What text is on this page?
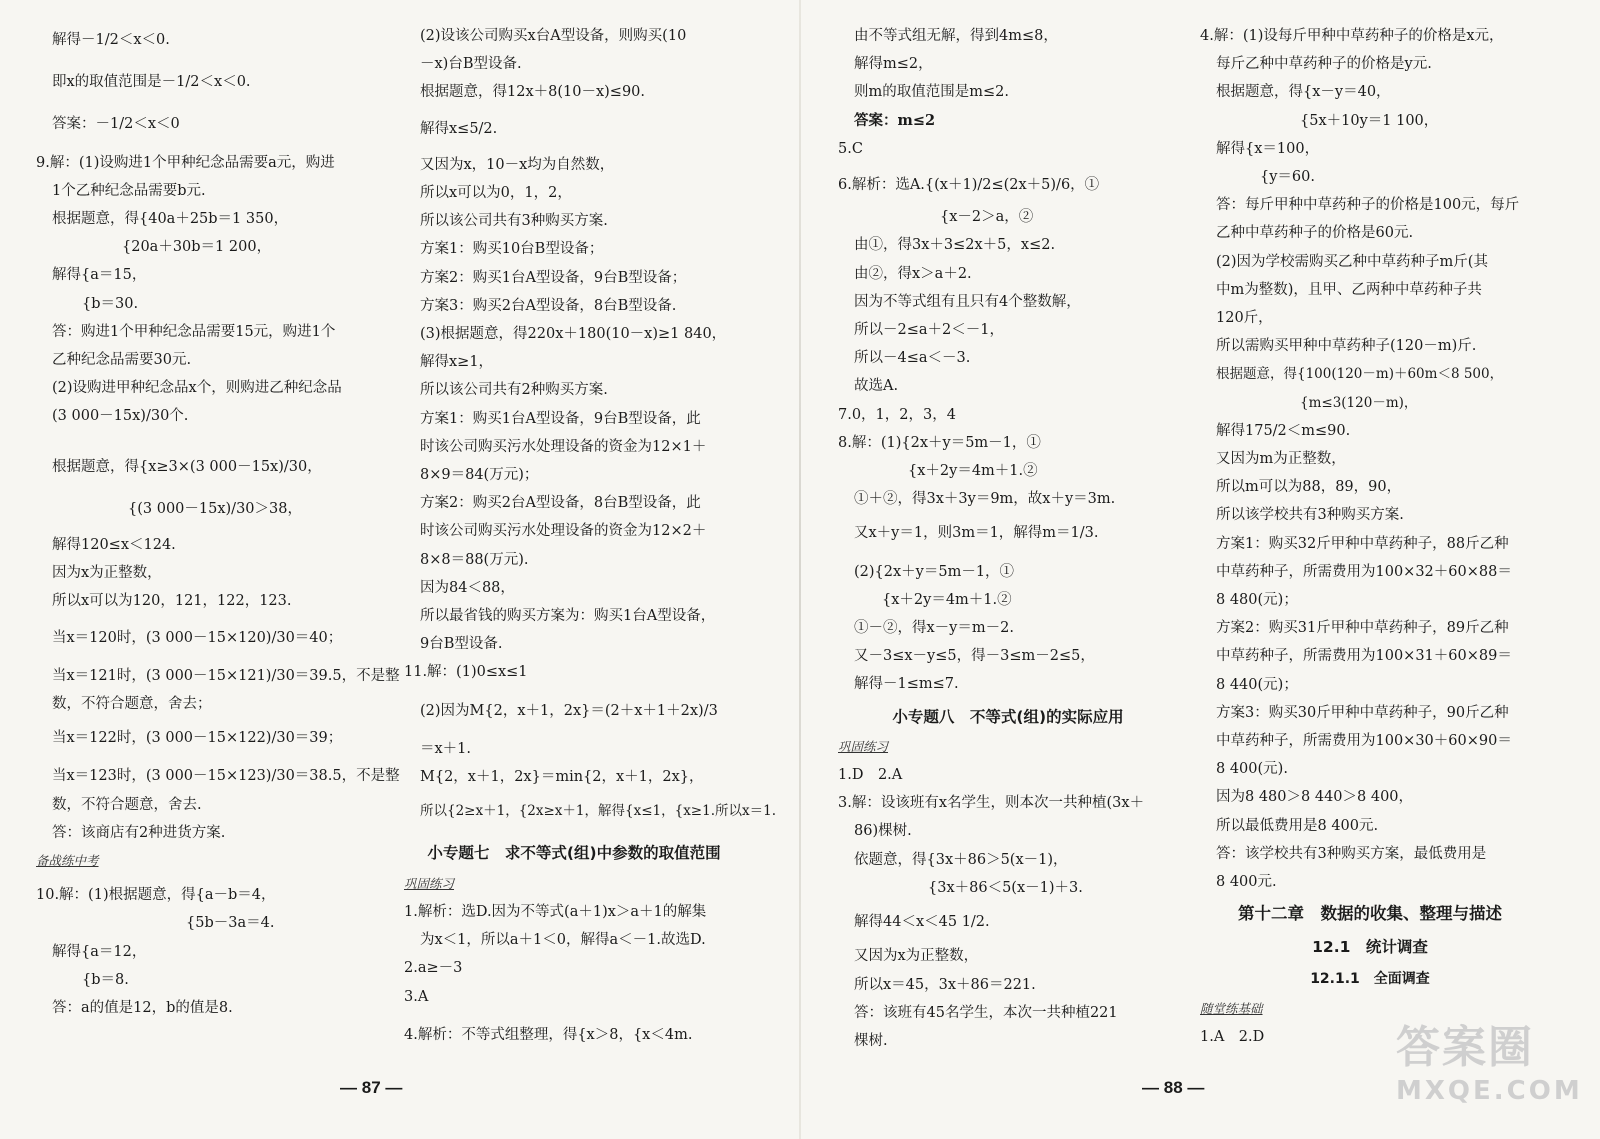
解得－1/2＜x＜0.

即x的取值范围是－1/2＜x＜0.

答案：－1/2＜x＜0

9.解：(1)设购进1个甲种纪念品需要a元，购进

1个乙种纪念品需要b元.

根据题意，得{40a＋25b＝1 350，

{20a＋30b＝1 200，

解得{a＝15，

{b＝30.

答：购进1个甲种纪念品需要15元，购进1个

乙种纪念品需要30元.

(2)设购进甲种纪念品x个，则购进乙种纪念品

(3 000－15x)/30个.

根据题意，得{x≥3×(3 000－15x)/30，

{(3 000－15x)/30＞38，

解得120≤x＜124.

因为x为正整数，

所以x可以为120，121，122，123.

当x＝120时，(3 000－15×120)/30＝40；

当x＝121时，(3 000－15×121)/30＝39.5，不是整

数，不符合题意，舍去；

当x＝122时，(3 000－15×122)/30＝39；

当x＝123时，(3 000－15×123)/30＝38.5，不是整

数，不符合题意，舍去.

答：该商店有2种进货方案.

备战练中考

10.解：(1)根据题意，得{a－b＝4，

{5b－3a＝4.

解得{a＝12，

{b＝8.

答：a的值是12，b的值是8.

(2)设该公司购买x台A型设备，则购买(10

－x)台B型设备.

根据题意，得12x＋8(10－x)≤90.

解得x≤5/2.

又因为x，10－x均为自然数，

所以x可以为0，1，2，

所以该公司共有3种购买方案.

方案1：购买10台B型设备；

方案2：购买1台A型设备，9台B型设备；

方案3：购买2台A型设备，8台B型设备.

(3)根据题意，得220x＋180(10－x)≥1 840，

解得x≥1，

所以该公司共有2种购买方案.

方案1：购买1台A型设备，9台B型设备，此

时该公司购买污水处理设备的资金为12×1＋

8×9＝84(万元)；

方案2：购买2台A型设备，8台B型设备，此

时该公司购买污水处理设备的资金为12×2＋

8×8＝88(万元).

因为84＜88，

所以最省钱的购买方案为：购买1台A型设备，

9台B型设备.

11.解：(1)0≤x≤1

(2)因为M{2，x＋1，2x}＝(2＋x＋1＋2x)/3

＝x＋1.

M{2，x＋1，2x}＝min{2，x＋1，2x}，

所以{2≥x＋1，{2x≥x＋1，解得{x≤1，{x≥1.所以x＝1.

小专题七　求不等式(组)中参数的取值范围

巩固练习

1.解析：选D.因为不等式(a＋1)x＞a＋1的解集

为x＜1，所以a＋1＜0，解得a＜－1.故选D.

2.a≥－3

3.A

4.解析：不等式组整理，得{x＞8，{x＜4m.

由不等式组无解，得到4m≤8，

解得m≤2，

则m的取值范围是m≤2.

答案：m≤2

5.C

6.解析：选A.{(x＋1)/2≤(2x＋5)/6，①

{x－2＞a，②

由①，得3x＋3≤2x＋5，x≤2.

由②，得x＞a＋2.

因为不等式组有且只有4个整数解，

所以－2≤a＋2＜－1，

所以－4≤a＜－3.

故选A.

7.0，1，2，3，4

8.解：(1){2x＋y＝5m－1，①

{x＋2y＝4m＋1.②

①＋②，得3x＋3y＝9m，故x＋y＝3m.

又x＋y＝1，则3m＝1，解得m＝1/3.

(2){2x＋y＝5m－1，①

{x＋2y＝4m＋1.②

①－②，得x－y＝m－2.

又－3≤x－y≤5，得－3≤m－2≤5，

解得－1≤m≤7.

小专题八　不等式(组)的实际应用

巩固练习

1.D　2.A

3.解：设该班有x名学生，则本次一共种植(3x＋

86)棵树.

依题意，得{3x＋86＞5(x－1)，

{3x＋86＜5(x－1)＋3.

解得44＜x＜45 1/2.

又因为x为正整数，

所以x＝45，3x＋86＝221.

答：该班有45名学生，本次一共种植221

棵树.

4.解：(1)设每斤甲种中草药种子的价格是x元，

每斤乙种中草药种子的价格是y元.

根据题意，得{x－y＝40，

{5x＋10y＝1 100，

解得{x＝100，

{y＝60.

答：每斤甲种中草药种子的价格是100元，每斤

乙种中草药种子的价格是60元.

(2)因为学校需购买乙种中草药种子m斤(其

中m为整数)，且甲、乙两种中草药种子共

120斤，

所以需购买甲种中草药种子(120－m)斤.

根据题意，得{100(120－m)＋60m＜8 500，

{m≤3(120－m)，

解得175/2＜m≤90.

又因为m为正整数，

所以m可以为88，89，90，

所以该学校共有3种购买方案.

方案1：购买32斤甲种中草药种子，88斤乙种

中草药种子，所需费用为100×32＋60×88＝

8 480(元)；

方案2：购买31斤甲种中草药种子，89斤乙种

中草药种子，所需费用为100×31＋60×89＝

8 440(元)；

方案3：购买30斤甲种中草药种子，90斤乙种

中草药种子，所需费用为100×30＋60×90＝

8 400(元).

因为8 480＞8 440＞8 400，

所以最低费用是8 400元.

答：该学校共有3种购买方案，最低费用是

8 400元.

第十二章　数据的收集、整理与描述

12.1　统计调查

12.1.1　全面调查

随堂练基础

1.A　2.D

— 87 —	— 88 —
答案圈
MXQE.COM
